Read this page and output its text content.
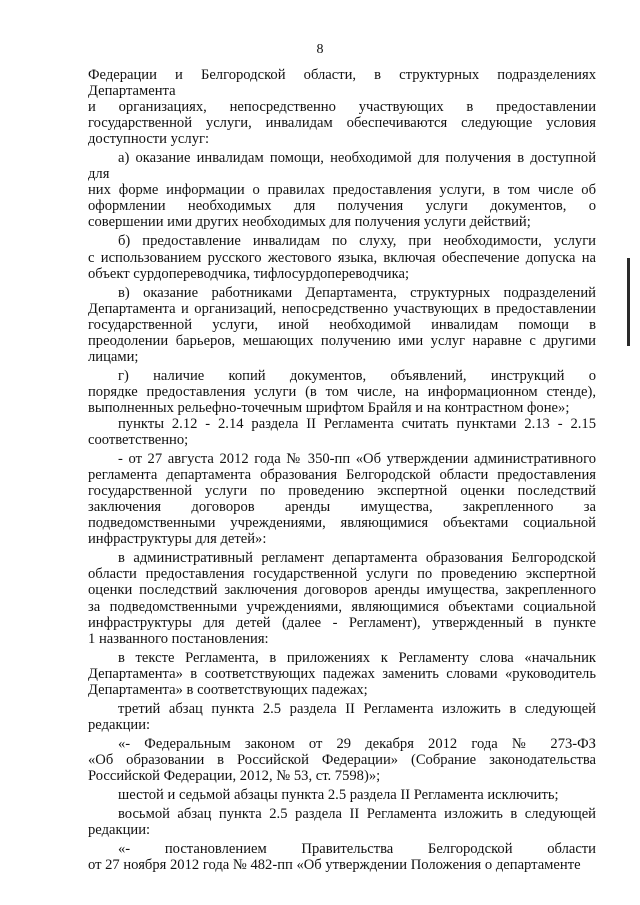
8

Федерации и Белгородской области, в структурных подразделениях Департамента

и организациях, непосредственно участвующих в предоставлении

государственной услуги, инвалидам обеспечиваются следующие условия

доступности услуг:

а) оказание инвалидам помощи, необходимой для получения в доступной для

них форме информации о правилах предоставления услуги, в том числе об

оформлении необходимых для получения услуги документов, о

совершении ими других необходимых для получения услуги действий;

б) предоставление инвалидам по слуху, при необходимости, услуги

с использованием русского жестового языка, включая обеспечение допуска на

объект сурдопереводчика, тифлосурдопереводчика;

в) оказание работниками Департамента, структурных подразделений

Департамента и организаций, непосредственно участвующих в предоставлении

государственной услуги, иной необходимой инвалидам помощи в

преодолении барьеров, мешающих получению ими услуг наравне с другими

лицами;

г) наличие копий документов, объявлений, инструкций о

порядке предоставления услуги (в том числе, на информационном стенде),

выполненных рельефно-точечным шрифтом Брайля и на контрастном фоне»;

пункты 2.12 - 2.14 раздела II Регламента считать пунктами 2.13 - 2.15

соответственно;

- от 27 августа 2012 года № 350-пп «Об утверждении административного

регламента департамента образования Белгородской области предоставления

государственной услуги по проведению экспертной оценки последствий

заключения договоров аренды имущества, закрепленного за

подведомственными учреждениями, являющимися объектами социальной

инфраструктуры для детей»:

в административный регламент департамента образования Белгородской

области предоставления государственной услуги по проведению экспертной

оценки последствий заключения договоров аренды имущества, закрепленного

за подведомственными учреждениями, являющимися объектами социальной

инфраструктуры для детей (далее - Регламент), утвержденный в пункте

1 названного постановления:

в тексте Регламента, в приложениях к Регламенту слова «начальник

Департамента» в соответствующих падежах заменить словами «руководитель

Департамента» в соответствующих падежах;

третий абзац пункта 2.5 раздела II Регламента изложить в следующей

редакции:

«- Федеральным законом от 29 декабря 2012 года № 273-ФЗ

«Об образовании в Российской Федерации» (Собрание законодательства

Российской Федерации, 2012, № 53, ст. 7598)»;

шестой и седьмой абзацы пункта 2.5 раздела II Регламента исключить;

восьмой абзац пункта 2.5 раздела II Регламента изложить в следующей

редакции:

«- постановлением Правительства Белгородской области

от 27 ноября 2012 года № 482-пп «Об утверждении Положения о департаменте
